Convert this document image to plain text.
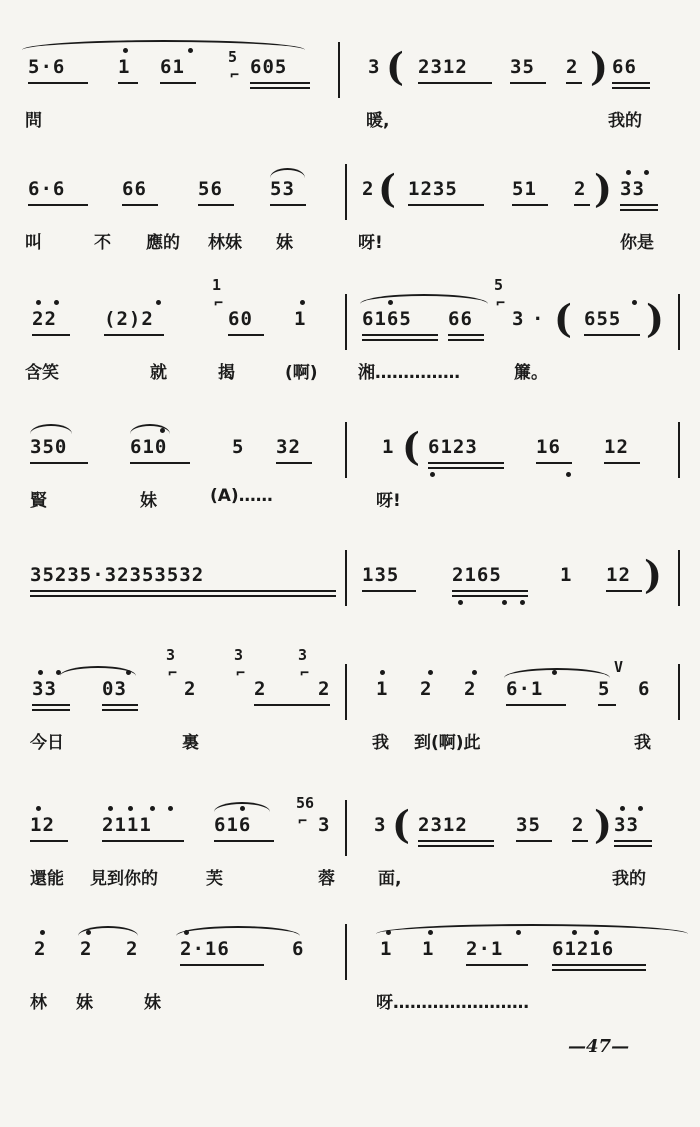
5·6	1 61	605	3 2312 35 2 66
5
⌐
問	暖,	我的
(	)
6·6	66	56 53	2 1235	51 2 33
叫	不 應的 林妹 妹	呀!	你是
(	)
22 (2)2	60 1	6165 66 3 · 655
1
⌐
5
⌐
含笑	就	揭	(啊) 湘……………	簾。
( )
350	610	5 32	1 6123	16 12
賢	妹	(A)……	呀!
(
35235·32353532	135	2165	1 12 )
33 03	2	2	2 1 2 2 6·1	5 6
3
⌐
3
⌐
3
⌐
今日	裏	我 到(啊)此	我
V
12 2111	616	3 3 2312	35 2 33
56
⌐
還能 見到你的	芙	蓉	面,	我的
(	)
2 2 2 2·16	6	1 1 2·1	61216
林 妹	妹	呀……………………
—47—
